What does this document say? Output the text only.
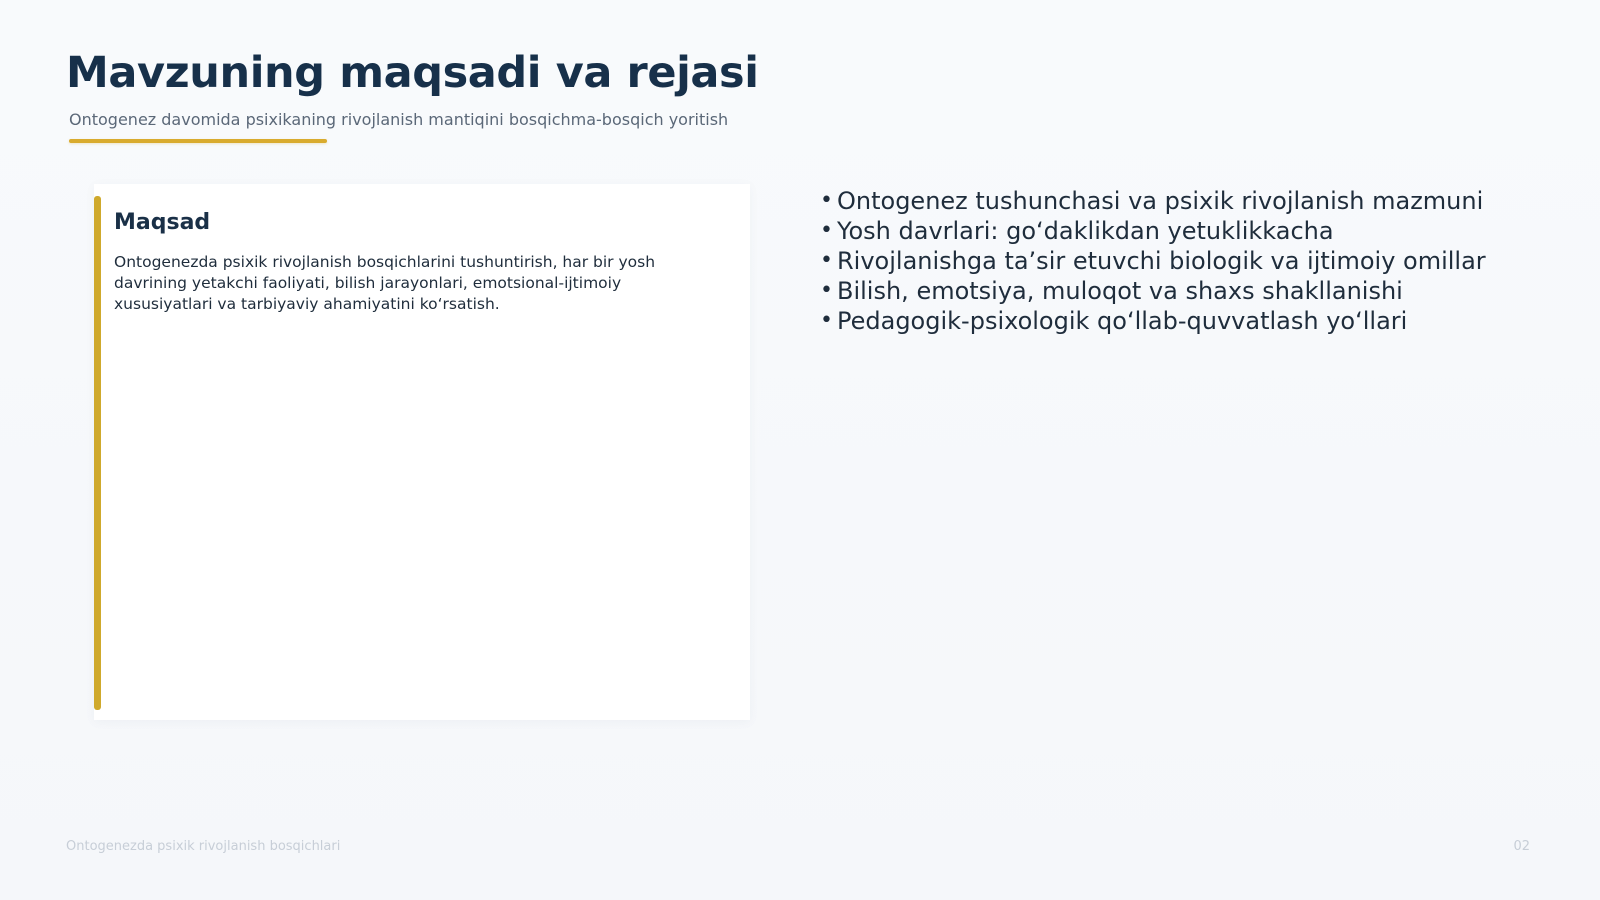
Mavzuning maqsadi va rejasi
Ontogenez davomida psixikaning rivojlanish mantiqini bosqichma-bosqich yoritish
Maqsad
Ontogenezda psixik rivojlanish bosqichlarini tushuntirish, har bir yosh davrining yetakchi faoliyati, bilish jarayonlari, emotsional-ijtimoiy xususiyatlari va tarbiyaviy ahamiyatini ko‘rsatish.
• Ontogenez tushunchasi va psixik rivojlanish mazmuni
• Yosh davrlari: go‘daklikdan yetuklikkacha
• Rivojlanishga ta’sir etuvchi biologik va ijtimoiy omillar
• Bilish, emotsiya, muloqot va shaxs shakllanishi
• Pedagogik-psixologik qo‘llab-quvvatlash yo‘llari
Ontogenezda psixik rivojlanish bosqichlari	02
